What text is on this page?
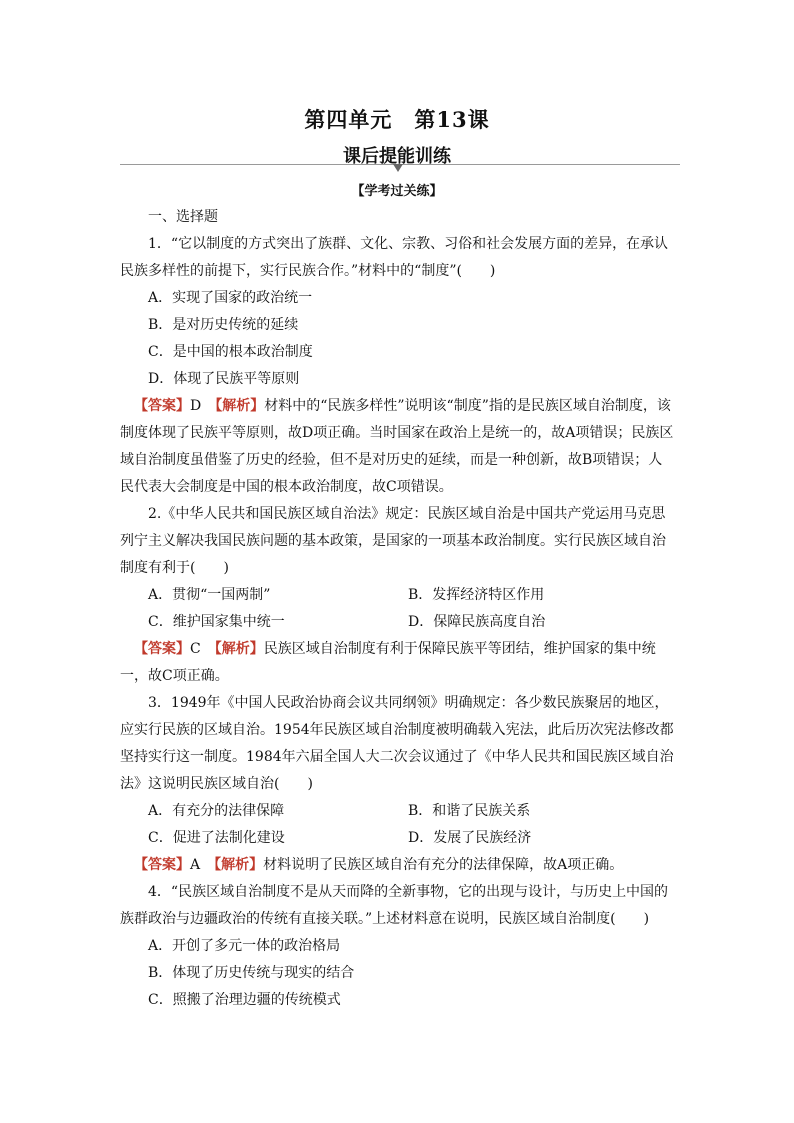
第四单元　第13课
课后提能训练
【学考过关练】

一、选择题

1．“它以制度的方式突出了族群、文化、宗教、习俗和社会发展方面的差异，在承认民族多样性的前提下，实行民族合作。”材料中的“制度”(　　)

A．实现了国家的政治统一

B．是对历史传统的延续

C．是中国的根本政治制度

D．体现了民族平等原则

【答案】D　 【解析】材料中的“民族多样性”说明该“制度”指的是民族区域自治制度，该制度体现了民族平等原则，故D项正确。当时国家在政治上是统一的，故A项错误；民族区域自治制度虽借鉴了历史的经验，但不是对历史的延续，而是一种创新，故B项错误；人民代表大会制度是中国的根本政治制度，故C项错误。

2.《中华人民共和国民族区域自治法》规定：民族区域自治是中国共产党运用马克思列宁主义解决我国民族问题的基本政策，是国家的一项基本政治制度。实行民族区域自治制度有利于(　　)

A．贯彻“一国两制”	B．发挥经济特区作用
C．维护国家集中统一	D．保障民族高度自治

【答案】C　 【解析】民族区域自治制度有利于保障民族平等团结，维护国家的集中统一，故C项正确。

3．1949年《中国人民政治协商会议共同纲领》明确规定：各少数民族聚居的地区，应实行民族的区域自治。1954年民族区域自治制度被明确载入宪法，此后历次宪法修改都坚持实行这一制度。1984年六届全国人大二次会议通过了《中华人民共和国民族区域自治法》这说明民族区域自治(　　)

A．有充分的法律保障	B．和谐了民族关系
C．促进了法制化建设	D．发展了民族经济

【答案】A　 【解析】材料说明了民族区域自治有充分的法律保障，故A项正确。

4．“民族区域自治制度不是从天而降的全新事物，它的出现与设计，与历史上中国的族群政治与边疆政治的传统有直接关联。”上述材料意在说明，民族区域自治制度(　　)

A．开创了多元一体的政治格局

B．体现了历史传统与现实的结合

C．照搬了治理边疆的传统模式
